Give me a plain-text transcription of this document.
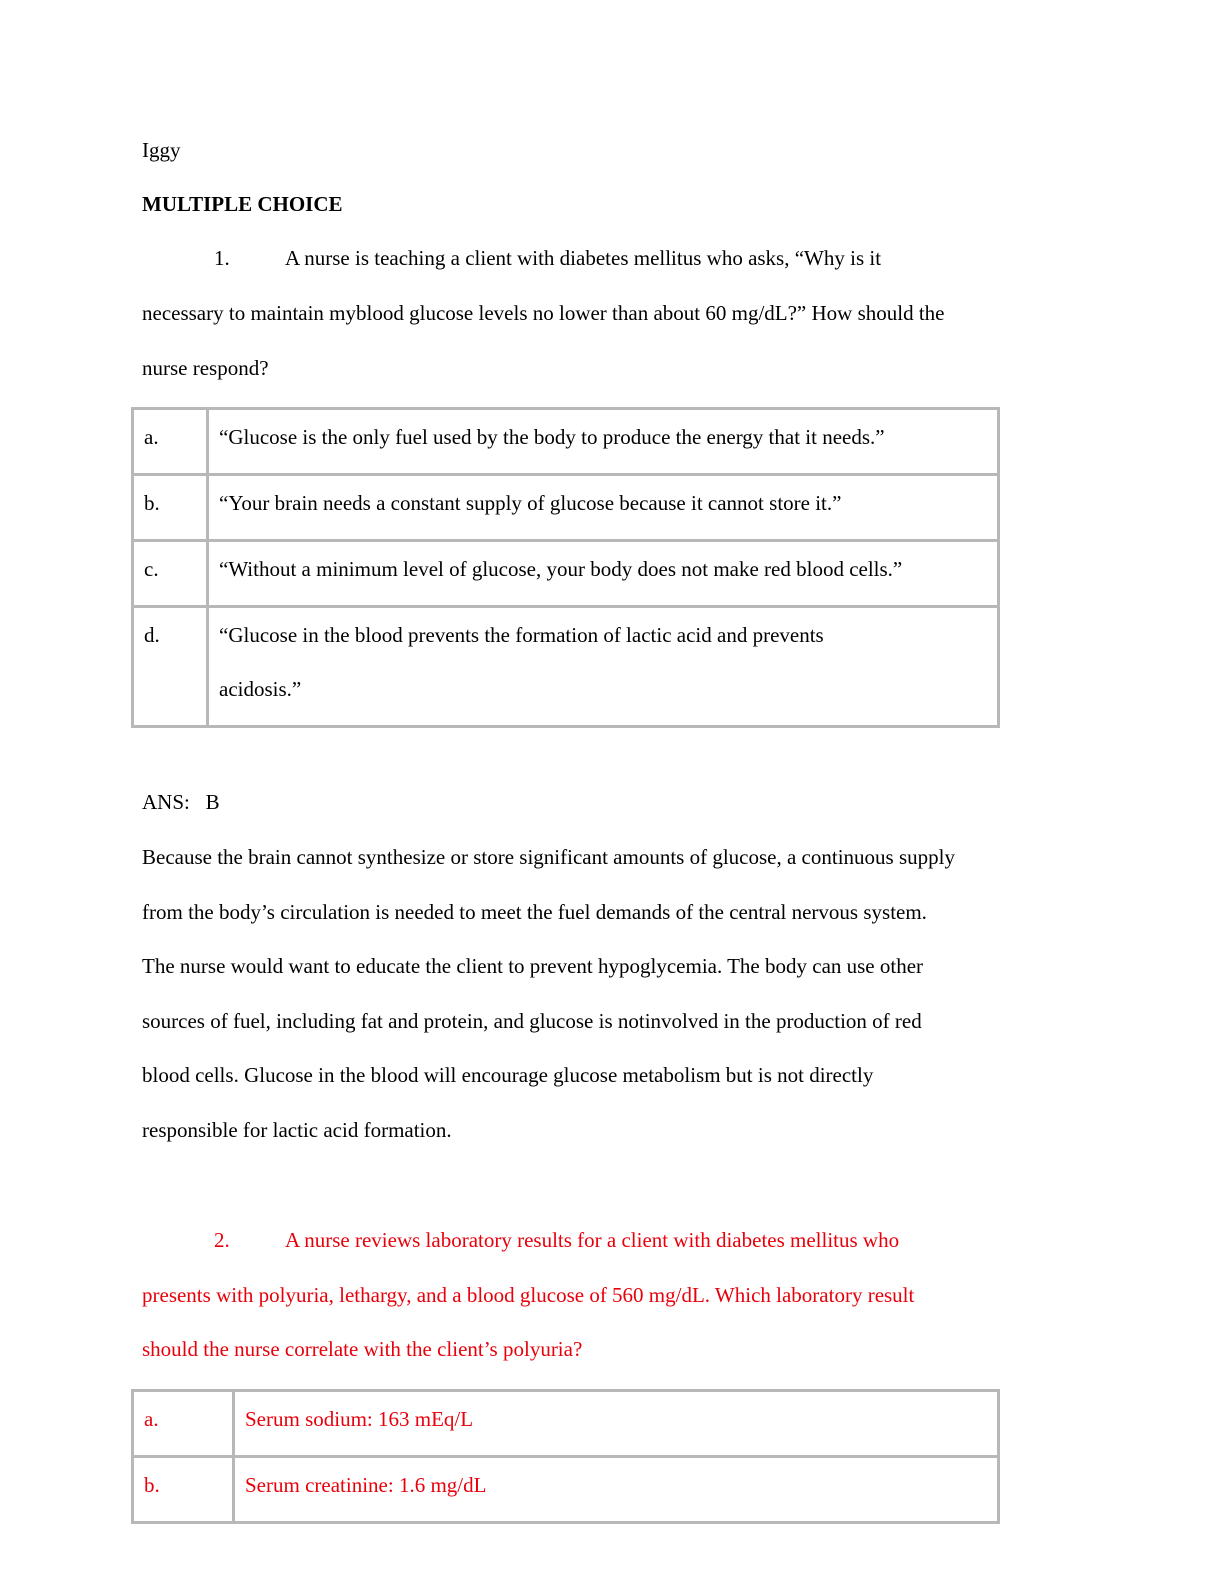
Iggy
MULTIPLE CHOICE
1.	A nurse is teaching a client with diabetes mellitus who asks, “Why is it
necessary to maintain myblood glucose levels no lower than about 60 mg/dL?” How should the
nurse respond?
a.	“Glucose is the only fuel used by the body to produce the energy that it needs.”
b.	“Your brain needs a constant supply of glucose because it cannot store it.”
c.	“Without a minimum level of glucose, your body does not make red blood cells.”
d.	“Glucose in the blood prevents the formation of lactic acid and prevents
acidosis.”
ANS: B
Because the brain cannot synthesize or store significant amounts of glucose, a continuous supply
from the body’s circulation is needed to meet the fuel demands of the central nervous system.
The nurse would want to educate the client to prevent hypoglycemia. The body can use other
sources of fuel, including fat and protein, and glucose is notinvolved in the production of red
blood cells. Glucose in the blood will encourage glucose metabolism but is not directly
responsible for lactic acid formation.
2.	A nurse reviews laboratory results for a client with diabetes mellitus who
presents with polyuria, lethargy, and a blood glucose of 560 mg/dL. Which laboratory result
should the nurse correlate with the client’s polyuria?
a.	Serum sodium: 163 mEq/L
b.	Serum creatinine: 1.6 mg/dL
